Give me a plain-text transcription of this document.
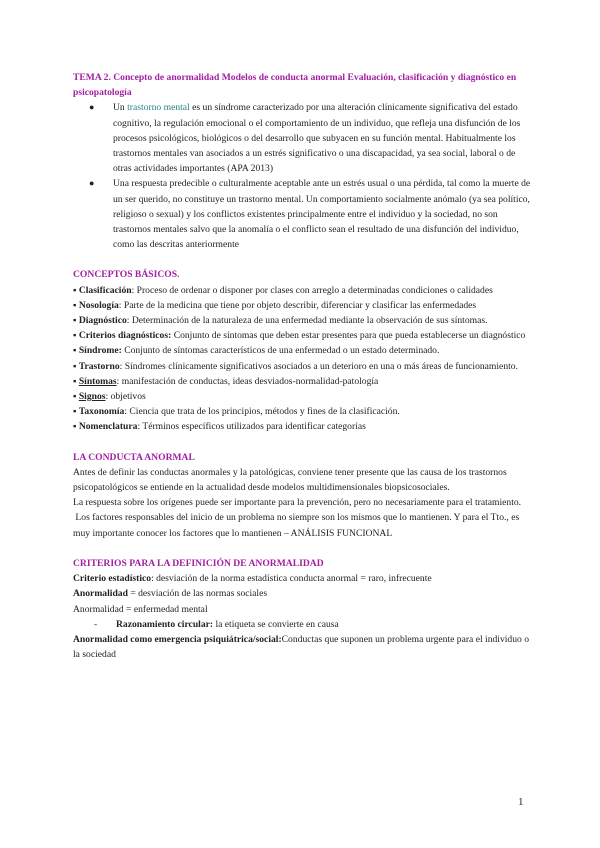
TEMA 2. Concepto de anormalidad Modelos de conducta anormal Evaluación, clasificación y diagnóstico en psicopatología

● Un trastorno mental es un síndrome caracterizado por una alteración clínicamente significativa del estado cognitivo, la regulación emocional o el comportamiento de un individuo, que refleja una disfunción de los procesos psicológicos, biológicos o del desarrollo que subyacen en su función mental. Habitualmente los trastornos mentales van asociados a un estrés significativo o una discapacidad, ya sea social, laboral o de otras actividades importantes (APA 2013)
● Una respuesta predecible o culturalmente aceptable ante un estrés usual o una pérdida, tal como la muerte de un ser querido, no constituye un trastorno mental. Un comportamiento socialmente anómalo (ya sea político, religioso o sexual) y los conflictos existentes principalmente entre el individuo y la sociedad, no son trastornos mentales salvo que la anomalía o el conflicto sean el resultado de una disfunción del individuo, como las descritas anteriormente

CONCEPTOS BÁSICOS.

▪ Clasificación: Proceso de ordenar o disponer por clases con arreglo a determinadas condiciones o calidades

▪ Nosología: Parte de la medicina que tiene por objeto describir, diferenciar y clasificar las enfermedades

▪ Diagnóstico: Determinación de la naturaleza de una enfermedad mediante la observación de sus síntomas.

▪ Criterios diagnósticos: Conjunto de síntomas que deben estar presentes para que pueda establecerse un diagnóstico

▪ Síndrome: Conjunto de síntomas característicos de una enfermedad o un estado determinado.

▪ Trastorno: Síndromes clínicamente significativos asociados a un deterioro en una o más áreas de funcionamiento.

▪ Síntomas: manifestación de conductas, ideas desviados-normalidad-patología

▪ Signos: objetivos

▪ Taxonomía: Ciencia que trata de los principios, métodos y fines de la clasificación.

▪ Nomenclatura: Términos específicos utilizados para identificar categorías

LA CONDUCTA ANORMAL

Antes de definir las conductas anormales y la patológicas, conviene tener presente que las causa de los trastornos psicopatológicos se entiende en la actualidad desde modelos multidimensionales biopsicosociales.

La respuesta sobre los orígenes puede ser importante para la prevención, pero no necesariamente para el tratamiento.

Los factores responsables del inicio de un problema no siempre son los mismos que lo mantienen. Y para el Tto., es muy importante conocer los factores que lo mantienen – ANÁLISIS FUNCIONAL

CRITERIOS PARA LA DEFINICIÓN DE ANORMALIDAD

Criterio estadístico: desviación de la norma estadística conducta anormal = raro, infrecuente

Anormalidad = desviación de las normas sociales

Anormalidad = enfermedad mental

- Razonamiento circular: la etiqueta se convierte en causa

Anormalidad como emergencia psiquiátrica/social:Conductas que suponen un problema urgente para el individuo o la sociedad

1
